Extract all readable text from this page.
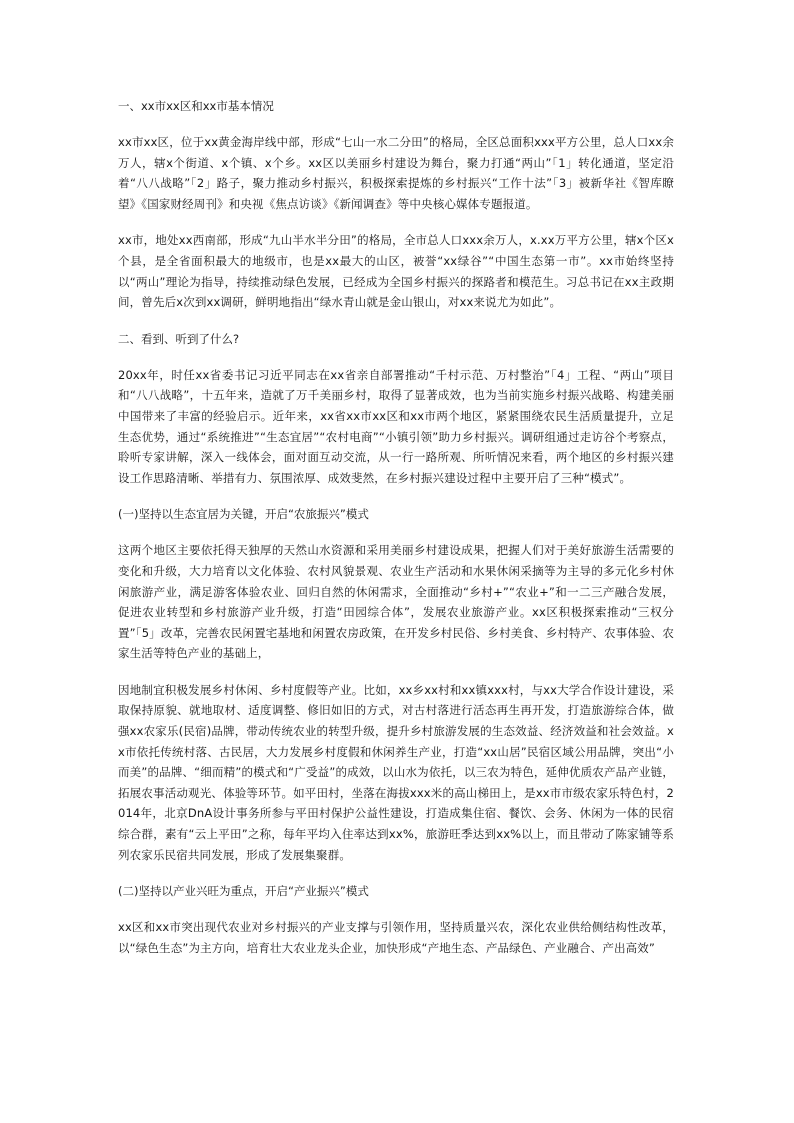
一、xx市xx区和xx市基本情况

xx市xx区，位于xx黄金海岸线中部，形成“七山一水二分田”的格局，全区总面积xxx平方公里，总人口xx余万人，辖x个街道、x个镇、x个乡。xx区以美丽乡村建设为舞台，聚力打通“两山”「1」转化通道，坚定沿着“八八战略”「2」路子，聚力推动乡村振兴，积极探索提炼的乡村振兴“工作十法”「3」被新华社《智库瞭望》《国家财经周刊》和央视《焦点访谈》《新闻调查》等中央核心媒体专题报道。

xx市，地处xx西南部，形成“九山半水半分田”的格局，全市总人口xxx余万人，x.xx万平方公里，辖x个区x个县，是全省面积最大的地级市，也是xx最大的山区，被誉“xx绿谷”“中国生态第一市”。xx市始终坚持以“两山”理论为指导，持续推动绿色发展，已经成为全国乡村振兴的探路者和模范生。习总书记在xx主政期间，曾先后x次到xx调研，鲜明地指出“绿水青山就是金山银山，对xx来说尤为如此”。

二、看到、听到了什么?

20xx年，时任xx省委书记习近平同志在xx省亲自部署推动“千村示范、万村整治”「4」工程、“两山”项目和“八八战略”，十五年来，造就了万千美丽乡村，取得了显著成效，也为当前实施乡村振兴战略、构建美丽中国带来了丰富的经验启示。近年来，xx省xx市xx区和xx市两个地区，紧紧围绕农民生活质量提升，立足生态优势，通过“系统推进”“生态宜居”“农村电商”“小镇引领”助力乡村振兴。调研组通过走访谷个考察点，聆听专家讲解，深入一线体会，面对面互动交流，从一行一路所观、所听情况来看，两个地区的乡村振兴建设工作思路清晰、举措有力、氛围浓厚、成效斐然，在乡村振兴建设过程中主要开启了三种“模式”。

(一)坚持以生态宜居为关键，开启“农旅振兴”模式

这两个地区主要依托得天独厚的天然山水资源和采用美丽乡村建设成果，把握人们对于美好旅游生活需要的变化和升级，大力培育以文化体验、农村风貌景观、农业生产活动和水果休闲采摘等为主导的多元化乡村休闲旅游产业，满足游客体验农业、回归自然的休闲需求，全面推动“乡村+”“农业+”和一二三产融合发展，促进农业转型和乡村旅游产业升级，打造“田园综合体”，发展农业旅游产业。xx区积极探索推动“三权分置”「5」改革，完善农民闲置宅基地和闲置农房政策，在开发乡村民俗、乡村美食、乡村特产、农事体验、农家生活等特色产业的基础上，

因地制宜积极发展乡村休闲、乡村度假等产业。比如，xx乡xx村和xx镇xxx村，与xx大学合作设计建设，采取保持原貌、就地取材、适度调整、修旧如旧的方式，对古村落进行活态再生再开发，打造旅游综合体，做强xx农家乐(民宿)品牌，带动传统农业的转型升级，提升乡村旅游发展的生态效益、经济效益和社会效益。xx市依托传统村落、古民居，大力发展乡村度假和休闲养生产业，打造“xx山居”民宿区域公用品牌，突出“小而美”的品牌、“细而精”的模式和“广受益”的成效，以山水为依托，以三农为特色，延伸优质农产品产业链，拓展农事活动观光、体验等环节。如平田村，坐落在海拔xxx米的高山梯田上，是xx市市级农家乐特色村，2014年，北京DnA设计事务所参与平田村保护公益性建设，打造成集住宿、餐饮、会务、休闲为一体的民宿综合群，素有“云上平田”之称，每年平均入住率达到xx%，旅游旺季达到xx%以上，而且带动了陈家铺等系列农家乐民宿共同发展，形成了发展集聚群。

(二)坚持以产业兴旺为重点，开启“产业振兴”模式

xx区和xx市突出现代农业对乡村振兴的产业支撑与引领作用，坚持质量兴农，深化农业供给侧结构性改革，以“绿色生态”为主方向，培育壮大农业龙头企业，加快形成“产地生态、产品绿色、产业融合、产出高效”
